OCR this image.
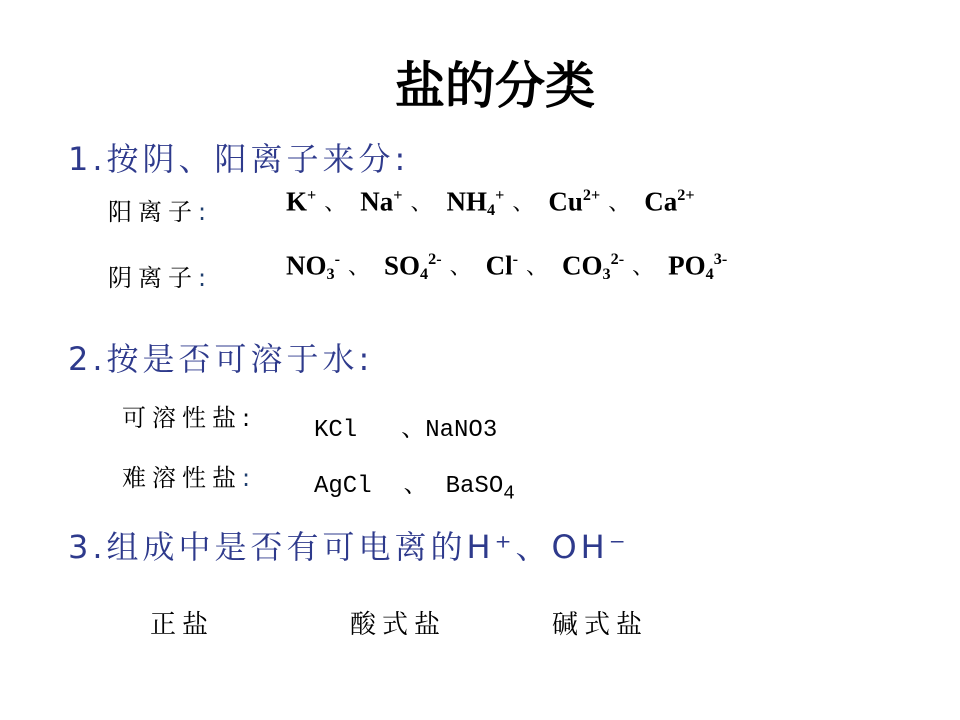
盐的分类
1.按阴、阳离子来分:
阳离子:	K+ 、 Na+ 、 $NH_4^+$ 、 $Cu^{2+}$ 、 $Ca^{2+}$
阴离子:	$NO_3^-$ 、 $SO_4^{2-}$ 、 Cl- 、 $CO_3^{2-}$ 、 $PO_4^{3-}$
2.按是否可溶于水:
可溶性盐: KCl 、NaNO3
难溶性盐: AgCl 、 BaSO$_4$
3.组成中是否有可电离的H⁺、OH⁻
正盐	酸式盐	碱式盐
